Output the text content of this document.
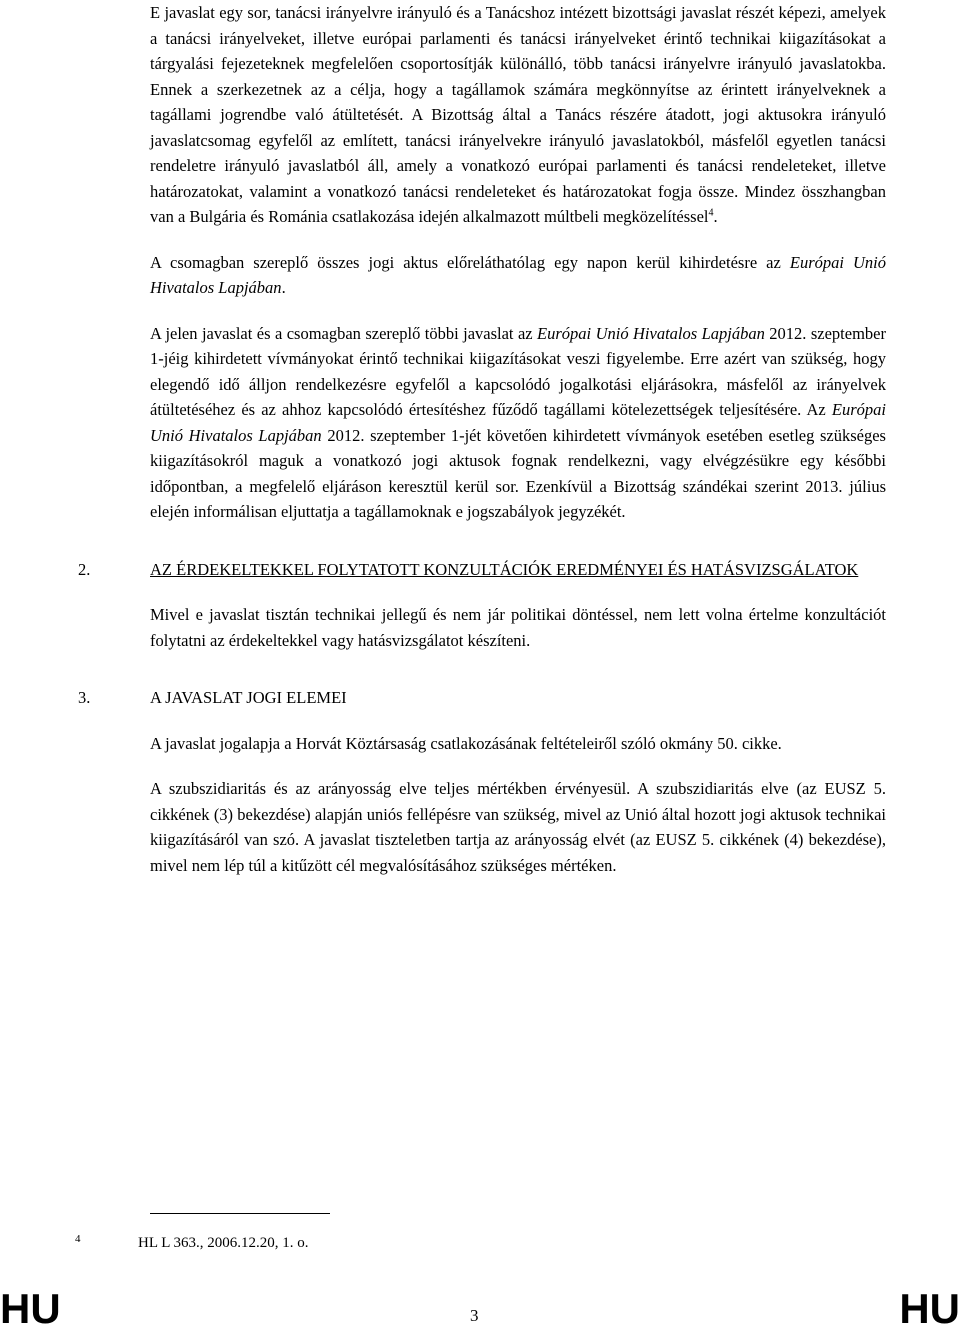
E javaslat egy sor, tanácsi irányelvre irányuló és a Tanácshoz intézett bizottsági javaslat részét képezi, amelyek a tanácsi irányelveket, illetve európai parlamenti és tanácsi irányelveket érintő technikai kiigazításokat a tárgyalási fejezeteknek megfelelően csoportosítják különálló, több tanácsi irányelvre irányuló javaslatokba. Ennek a szerkezetnek az a célja, hogy a tagállamok számára megkönnyítse az érintett irányelveknek a tagállami jogrendbe való átültetését. A Bizottság által a Tanács részére átadott, jogi aktusokra irányuló javaslatcsomag egyfelől az említett, tanácsi irányelvekre irányuló javaslatokból, másfelől egyetlen tanácsi rendeletre irányuló javaslatból áll, amely a vonatkozó európai parlamenti és tanácsi rendeleteket, illetve határozatokat, valamint a vonatkozó tanácsi rendeleteket és határozatokat fogja össze. Mindez összhangban van a Bulgária és Románia csatlakozása idején alkalmazott múltbeli megközelítéssel$^4$.

A csomagban szereplő összes jogi aktus előreláthatólag egy napon kerül kihirdetésre az Európai Unió Hivatalos Lapjában.

A jelen javaslat és a csomagban szereplő többi javaslat az Európai Unió Hivatalos Lapjában 2012. szeptember 1-jéig kihirdetett vívmányokat érintő technikai kiigazításokat veszi figyelembe. Erre azért van szükség, hogy elegendő idő álljon rendelkezésre egyfelől a kapcsolódó jogalkotási eljárásokra, másfelől az irányelvek átültetéséhez és az ahhoz kapcsolódó értesítéshez fűződő tagállami kötelezettségek teljesítésére. Az Európai Unió Hivatalos Lapjában 2012. szeptember 1-jét követően kihirdetett vívmányok esetében esetleg szükséges kiigazításokról maguk a vonatkozó jogi aktusok fognak rendelkezni, vagy elvégzésükre egy későbbi időpontban, a megfelelő eljáráson keresztül kerül sor. Ezenkívül a Bizottság szándékai szerint 2013. július elején informálisan eljuttatja a tagállamoknak e jogszabályok jegyzékét.

2.	AZ ÉRDEKELTEKKEL FOLYTATOTT KONZULTÁCIÓK EREDMÉNYEI ÉS HATÁSVIZSGÁLATOK

Mivel e javaslat tisztán technikai jellegű és nem jár politikai döntéssel, nem lett volna értelme konzultációt folytatni az érdekeltekkel vagy hatásvizsgálatot készíteni.

3.	A JAVASLAT JOGI ELEMEI

A javaslat jogalapja a Horvát Köztársaság csatlakozásának feltételeiről szóló okmány 50. cikke.

A szubszidiaritás és az arányosság elve teljes mértékben érvényesül. A szubszidiaritás elve (az EUSZ 5. cikkének (3) bekezdése) alapján uniós fellépésre van szükség, mivel az Unió által hozott jogi aktusok technikai kiigazításáról van szó. A javaslat tiszteletben tartja az arányosság elvét (az EUSZ 5. cikkének (4) bekezdése), mivel nem lép túl a kitűzött cél megvalósításához szükséges mértéken.

4	HL L 363., 2006.12.20, 1. o.
HU	3	HU
